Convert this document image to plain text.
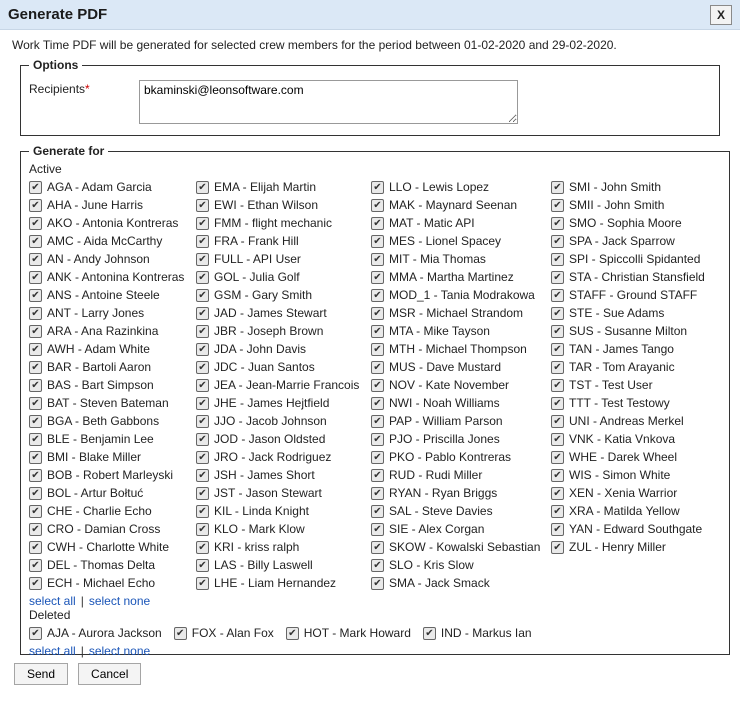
Generate PDF	X
Work Time PDF will be generated for selected crew members for the period between 01-02-2020 and 29-02-2020.
Options
Recipients*
bkaminski@leonsoftware.com
Generate for
Active
✔ AGA - Adam Garcia
✔ AHA - June Harris
✔ AKO - Antonia Kontreras
✔ AMC - Aida McCarthy
✔ AN - Andy Johnson
✔ ANK - Antonina Kontreras
✔ ANS - Antoine Steele
✔ ANT - Larry Jones
✔ ARA - Ana Razinkina
✔ AWH - Adam White
✔ BAR - Bartoli Aaron
✔ BAS - Bart Simpson
✔ BAT - Steven Bateman
✔ BGA - Beth Gabbons
✔ BLE - Benjamin Lee
✔ BMI - Blake Miller
✔ BOB - Robert Marleyski
✔ BOL - Artur Bołtuć
✔ CHE - Charlie Echo
✔ CRO - Damian Cross
✔ CWH - Charlotte White
✔ DEL - Thomas Delta
✔ ECH - Michael Echo
✔ EMA - Elijah Martin
✔ EWI - Ethan Wilson
✔ FMM - flight mechanic
✔ FRA - Frank Hill
✔ FULL - API User
✔ GOL - Julia Golf
✔ GSM - Gary Smith
✔ JAD - James Stewart
✔ JBR - Joseph Brown
✔ JDA - John Davis
✔ JDC - Juan Santos
✔ JEA - Jean-Marrie Francois
✔ JHE - James Hejtfield
✔ JJO - Jacob Johnson
✔ JOD - Jason Oldsted
✔ JRO - Jack Rodriguez
✔ JSH - James Short
✔ JST - Jason Stewart
✔ KIL - Linda Knight
✔ KLO - Mark Klow
✔ KRI - kriss ralph
✔ LAS - Billy Laswell
✔ LHE - Liam Hernandez
✔ LLO - Lewis Lopez
✔ MAK - Maynard Seenan
✔ MAT - Matic API
✔ MES - Lionel Spacey
✔ MIT - Mia Thomas
✔ MMA - Martha Martinez
✔ MOD_1 - Tania Modrakowa
✔ MSR - Michael Strandom
✔ MTA - Mike Tayson
✔ MTH - Michael Thompson
✔ MUS - Dave Mustard
✔ NOV - Kate November
✔ NWI - Noah Williams
✔ PAP - William Parson
✔ PJO - Priscilla Jones
✔ PKO - Pablo Kontreras
✔ RUD - Rudi Miller
✔ RYAN - Ryan Briggs
✔ SAL - Steve Davies
✔ SIE - Alex Corgan
✔ SKOW - Kowalski Sebastian
✔ SLO - Kris Slow
✔ SMA - Jack Smack
✔ SMI - John Smith
✔ SMII - John Smith
✔ SMO - Sophia Moore
✔ SPA - Jack Sparrow
✔ SPI - Spiccolli Spidanted
✔ STA - Christian Stansfield
✔ STAFF - Ground STAFF
✔ STE - Sue Adams
✔ SUS - Susanne Milton
✔ TAN - James Tango
✔ TAR - Tom Arayanic
✔ TST - Test User
✔ TTT - Test Testowy
✔ UNI - Andreas Merkel
✔ VNK - Katia Vnkova
✔ WHE - Darek Wheel
✔ WIS - Simon White
✔ XEN - Xenia Warrior
✔ XRA - Matilda Yellow
✔ YAN - Edward Southgate
✔ ZUL - Henry Miller
select all | select none
Deleted
✔ AJA - Aurora Jackson ✔ FOX - Alan Fox ✔ HOT - Mark Howard ✔ IND - Markus Ian
select all | select none
Send	Cancel
